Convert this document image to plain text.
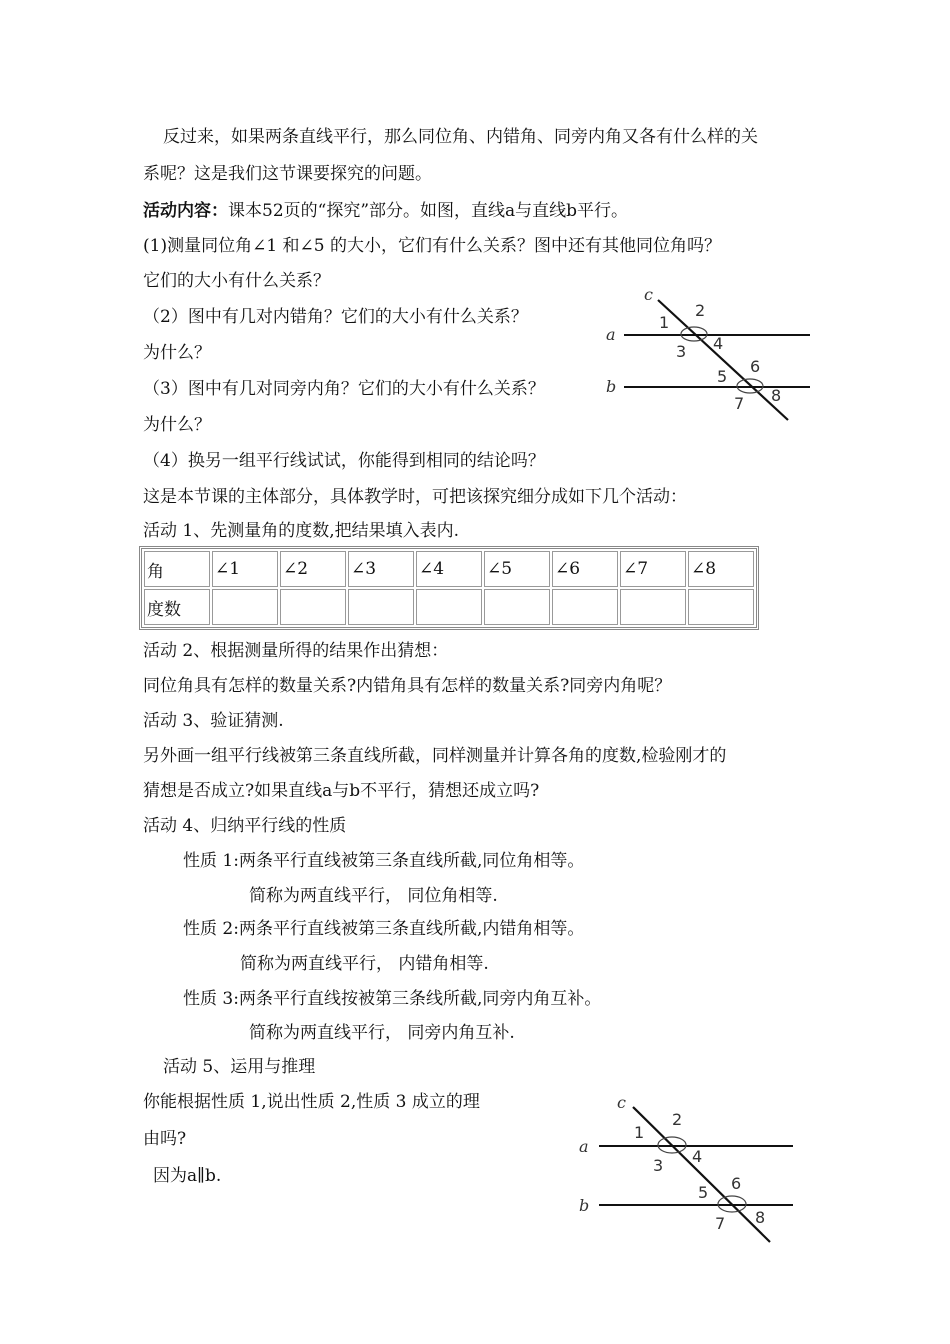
反过来，如果两条直线平行，那么同位角、内错角、同旁内角又各有什么样的关
系呢？这是我们这节课要探究的问题。
活动内容：课本52页的“探究”部分。如图，直线a与直线b平行。
(1)测量同位角∠1 和∠5 的大小，它们有什么关系？图中还有其他同位角吗？
它们的大小有什么关系？
（2）图中有几对内错角？它们的大小有什么关系？
为什么？
（3）图中有几对同旁内角？它们的大小有什么关系？
为什么？
（4）换另一组平行线试试，你能得到相同的结论吗？
这是本节课的主体部分，具体教学时，可把该探究细分成如下几个活动：
活动 1、先测量角的度数,把结果填入表内.
角	∠1	∠2	∠3	∠4	∠5	∠6	∠7	∠8
度数								
活动 2、根据测量所得的结果作出猜想：
同位角具有怎样的数量关系?内错角具有怎样的数量关系?同旁内角呢？
活动 3、验证猜测.
另外画一组平行线被第三条直线所截，同样测量并计算各角的度数,检验刚才的
猜想是否成立?如果直线a与b不平行，猜想还成立吗?
活动 4、归纳平行线的性质
性质 1:两条平行直线被第三条直线所截,同位角相等。
简称为两直线平行， 同位角相等.
性质 2:两条平行直线被第三条直线所截,内错角相等。
简称为两直线平行， 内错角相等.
性质 3:两条平行直线按被第三条线所截,同旁内角互补。
简称为两直线平行， 同旁内角互补.
活动 5、运用与推理
你能根据性质 1,说出性质 2,性质 3 成立的理
由吗?
因为a∥b.
c
a
b
1
2
3 4
5
6
7 8
c
a
b
1
2
3 4
5 6
7 8
